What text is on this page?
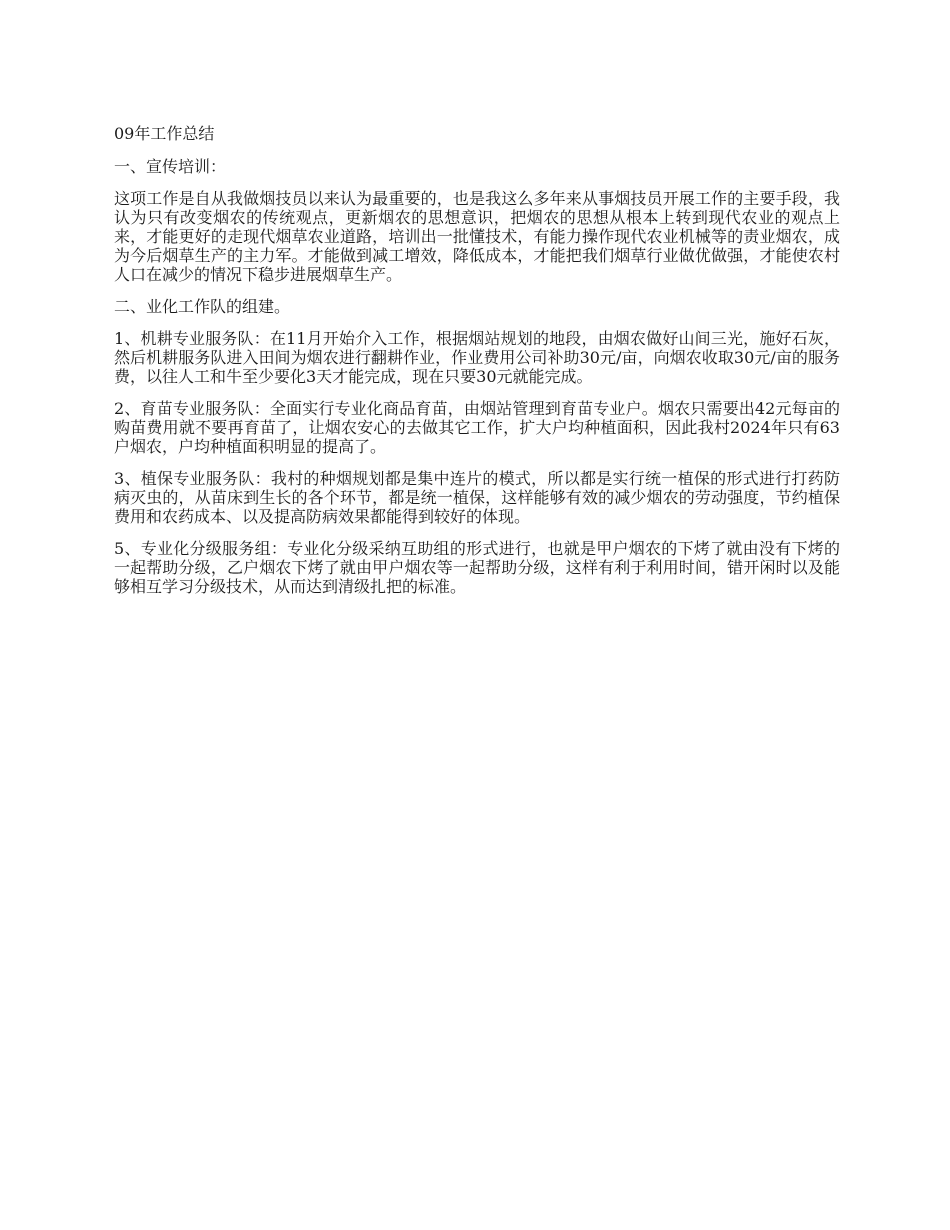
09年工作总结

一、宣传培训：

这项工作是自从我做烟技员以来认为最重要的，也是我这么多年来从事烟技员开展工作的主要手段，我认为只有改变烟农的传统观点，更新烟农的思想意识，把烟农的思想从根本上转到现代农业的观点上来，才能更好的走现代烟草农业道路，培训出一批懂技术，有能力操作现代农业机械等的责业烟农，成为今后烟草生产的主力军。才能做到减工增效，降低成本，才能把我们烟草行业做优做强，才能使农村人口在减少的情况下稳步进展烟草生产。

二、业化工作队的组建。

1、机耕专业服务队：在11月开始介入工作，根据烟站规划的地段，由烟农做好山间三光，施好石灰，然后机耕服务队进入田间为烟农进行翻耕作业，作业费用公司补助30元/亩，向烟农收取30元/亩的服务费，以往人工和牛至少要化3天才能完成，现在只要30元就能完成。

2、育苗专业服务队：全面实行专业化商品育苗，由烟站管理到育苗专业户。烟农只需要出42元每亩的购苗费用就不要再育苗了，让烟农安心的去做其它工作，扩大户均种植面积，因此我村2024年只有63户烟农，户均种植面积明显的提高了。

3、植保专业服务队：我村的种烟规划都是集中连片的模式，所以都是实行统一植保的形式进行打药防病灭虫的，从苗床到生长的各个环节，都是统一植保，这样能够有效的减少烟农的劳动强度，节约植保费用和农药成本、以及提高防病效果都能得到较好的体现。

5、专业化分级服务组：专业化分级采纳互助组的形式进行，也就是甲户烟农的下烤了就由没有下烤的一起帮助分级，乙户烟农下烤了就由甲户烟农等一起帮助分级，这样有利于利用时间，错开闲时以及能够相互学习分级技术，从而达到清级扎把的标准。
